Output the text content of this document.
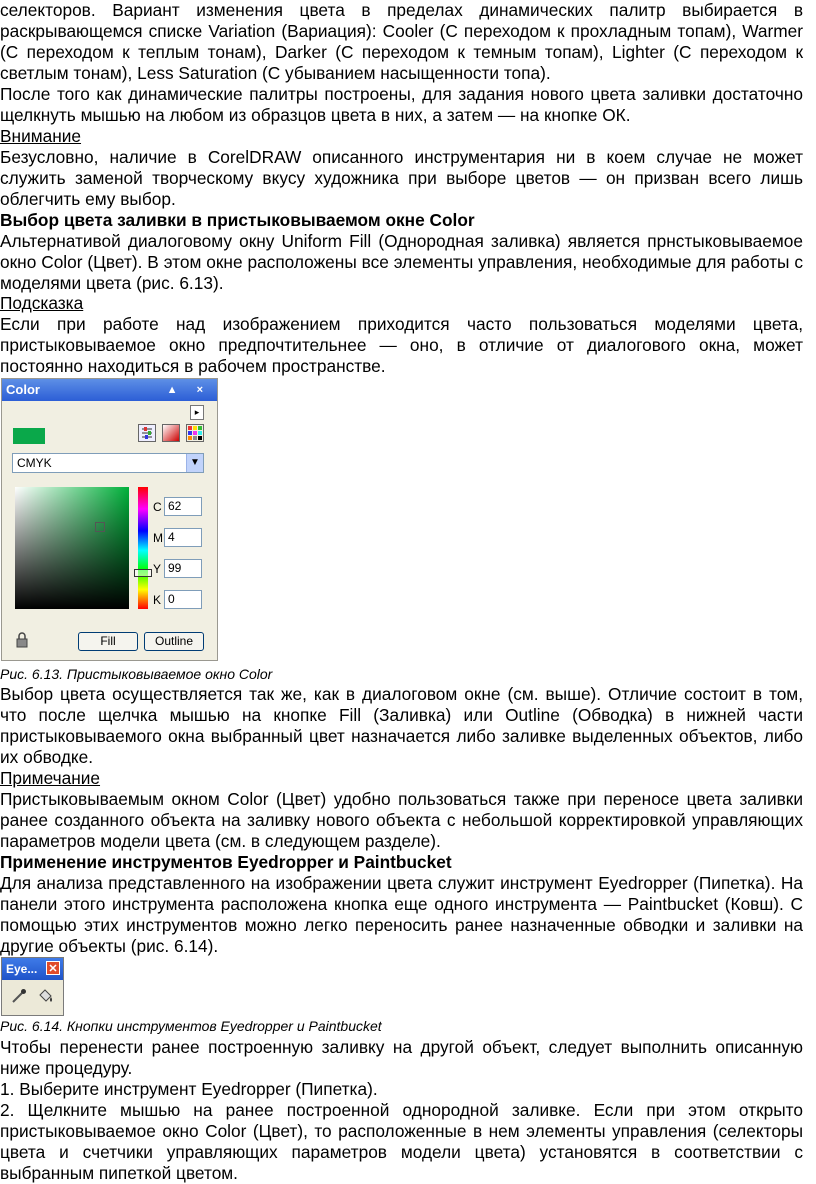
селекторов. Вариант изменения цвета в пределах динамических палитр выбирается в раскрывающемся списке Variation (Вариация): Cooler (С переходом к прохладным топам), Warmer (С переходом к теплым тонам), Darker (С переходом к темным топам), Lighter (С переходом к светлым тонам), Less Saturation (С убыванием насыщенности топа).

После того как динамические палитры построены, для задания нового цвета заливки достаточно щелкнуть мышью на любом из образцов цвета в них, а затем — на кнопке ОК.

Внимание

Безусловно, наличие в CorelDRAW описанного инструментария ни в коем случае не может служить заменой творческому вкусу художника при выборе цветов — он призван всего лишь облегчить ему выбор.

Выбор цвета заливки в пристыковываемом окне Color

Альтернативой диалоговому окну Uniform Fill (Однородная заливка) является прнстыковываемое окно Color (Цвет). В этом окне расположены все элементы управления, необходимые для работы с моделями цвета (рис. 6.13).

Подсказка

Если при работе над изображением приходится часто пользоваться моделями цвета, пристыковываемое окно предпочтительнее — оно, в отличие от диалогового окна, может постоянно находиться в рабочем пространстве.

Color	▲ ×
▸
CMYK	▼
C 62
M 4
Y 99
K 0
Fill	Outline

Рис. 6.13. Пристыковываемое окно Color

Выбор цвета осуществляется так же, как в диалоговом окне (см. выше). Отличие состоит в том, что после щелчка мышью на кнопке Fill (Заливка) или Outline (Обводка) в нижней части пристыковываемого окна выбранный цвет назначается либо заливке выделенных объектов, либо их обводке.

Примечание

Пристыковываемым окном Color (Цвет) удобно пользоваться также при переносе цвета заливки ранее созданного объекта на заливку нового объекта с небольшой корректировкой управляющих параметров модели цвета (см. в следующем разделе).

Применение инструментов Eyedropper и Paintbucket

Для анализа представленного на изображении цвета служит инструмент Eyedropper (Пипетка). На панели этого инструмента расположена кнопка еще одного инструмента — Paintbucket (Ковш). С помощью этих инструментов можно легко переносить ранее назначенные обводки и заливки на другие объекты (рис. 6.14).

Eye... ✕

Рис. 6.14. Кнопки инструментов Eyedropper и Paintbucket

Чтобы перенести ранее построенную заливку на другой объект, следует выполнить описанную ниже процедуру.

1. Выберите инструмент Eyedropper (Пипетка).

2. Щелкните мышью на ранее построенной однородной заливке. Если при этом открыто пристыковываемое окно Color (Цвет), то расположенные в нем элементы управления (селекторы цвета и счетчики управляющих параметров модели цвета) установятся в соответствии с выбранным пипеткой цветом.
